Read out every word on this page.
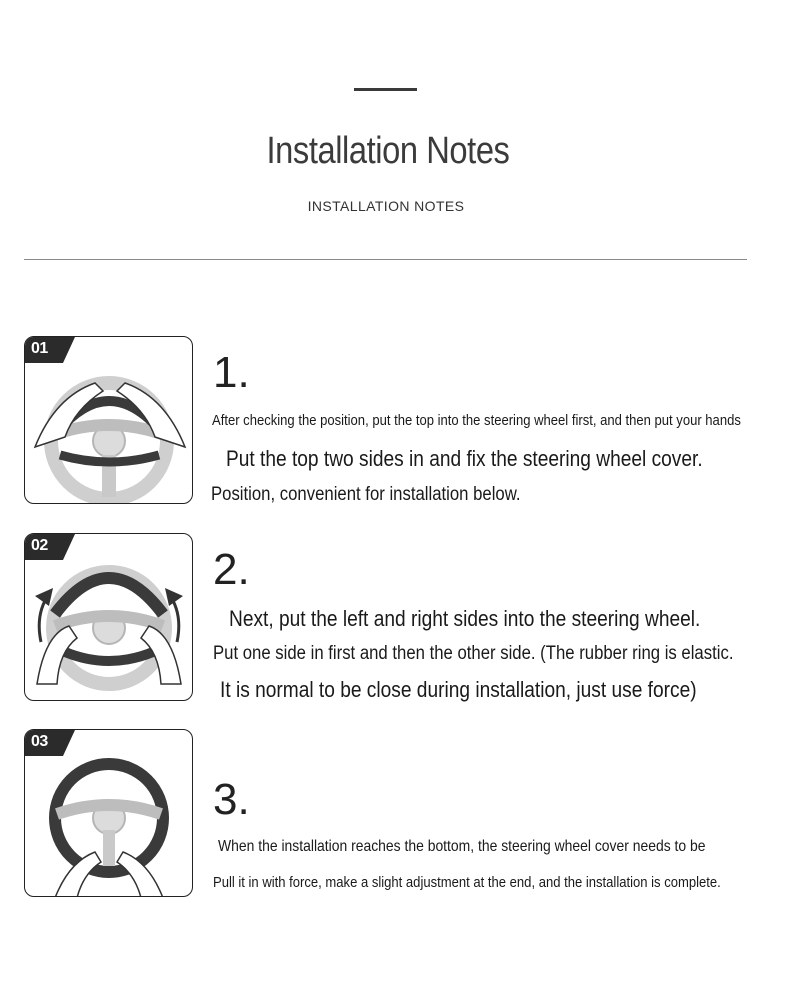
Installation Notes
INSTALLATION NOTES
01	1.
After checking the position, put the top into the steering wheel first, and then put your hands
Put the top two sides in and fix the steering wheel cover.
Position, convenient for installation below.
02	2.
Next, put the left and right sides into the steering wheel.
Put one side in first and then the other side. (The rubber ring is elastic.
It is normal to be close during installation, just use force)
03
3.
When the installation reaches the bottom, the steering wheel cover needs to be
Pull it in with force, make a slight adjustment at the end, and the installation is complete.
